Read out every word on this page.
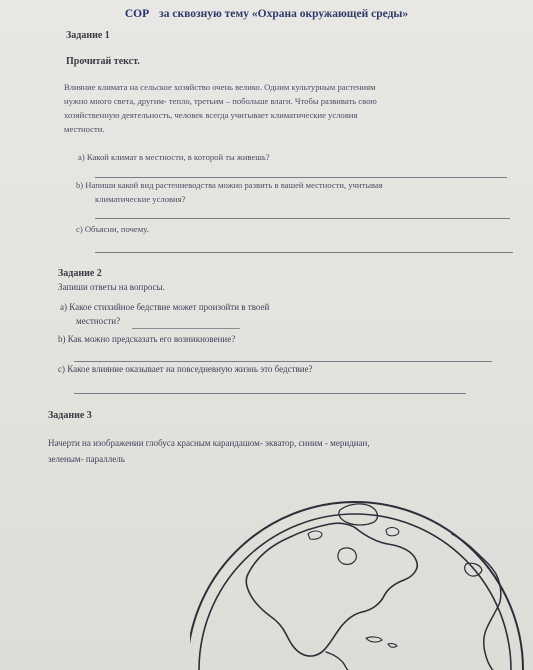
СОР за сквозную тему «Охрана окружающей среды»
Задание 1
Прочитай текст.
Влияние климата на сельское хозяйство очень велико. Одним культурным растениям
нужно много света, другим- тепло, третьим – побольше влаги. Чтобы развивать свою
хозяйственную деятельность, человек всегда учитывает климатические условия
местности.
a) Какой климат в местности, в которой ты живешь?
b) Напиши какой вид растениеводства можно развить в вашей местности, учитывая
климатические условия?
c) Объясни, почему.
Задание 2
Запиши ответы на вопросы.
а) Какое стихийное бедствие может произойти в твоей
местности?
b) Как можно предсказать его возникновение?
c) Какое влияние оказывает на повседневную жизнь это бедствие?
Задание 3
Начерти на изображении глобуса красным карандашом- экватор, синим - меридиан,
зеленым- параллель
